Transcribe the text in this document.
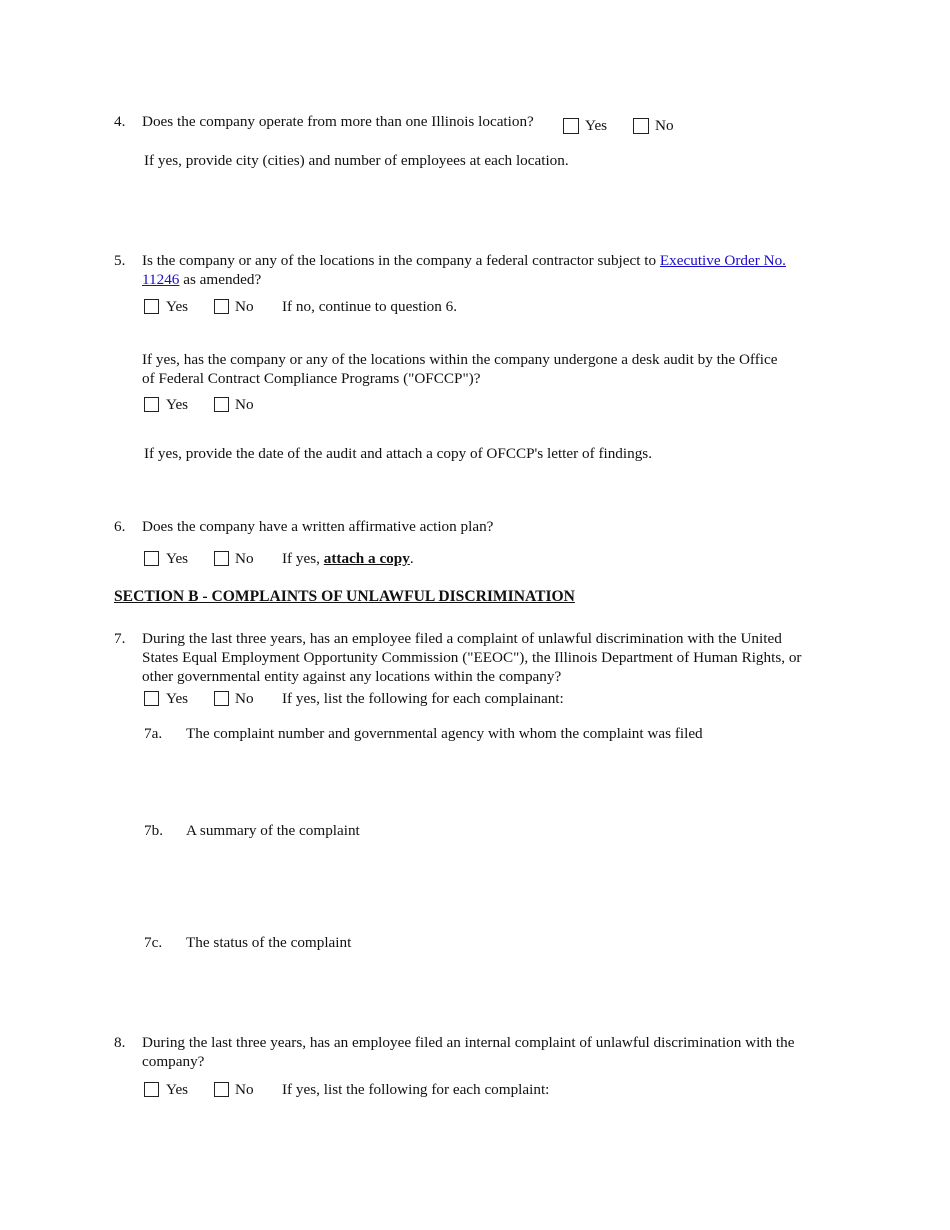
4. Does the company operate from more than one Illinois location?	Yes	No
If yes, provide city (cities) and number of employees at each location.
5. Is the company or any of the locations in the company a federal contractor subject to Executive Order No.
11246 as amended?
Yes	No If no, continue to question 6.
If yes, has the company or any of the locations within the company undergone a desk audit by the Office
of Federal Contract Compliance Programs ("OFCCP")?
Yes	No
If yes, provide the date of the audit and attach a copy of OFCCP's letter of findings.
6. Does the company have a written affirmative action plan?
Yes	No If yes, attach a copy.
SECTION B - COMPLAINTS OF UNLAWFUL DISCRIMINATION
7. During the last three years, has an employee filed a complaint of unlawful discrimination with the United
States Equal Employment Opportunity Commission ("EEOC"), the Illinois Department of Human Rights, or
other governmental entity against any locations within the company?
Yes	No If yes, list the following for each complainant:
7a. The complaint number and governmental agency with whom the complaint was filed
7b. A summary of the complaint
7c. The status of the complaint
8. During the last three years, has an employee filed an internal complaint of unlawful discrimination with the
company?
Yes	No If yes, list the following for each complaint:
